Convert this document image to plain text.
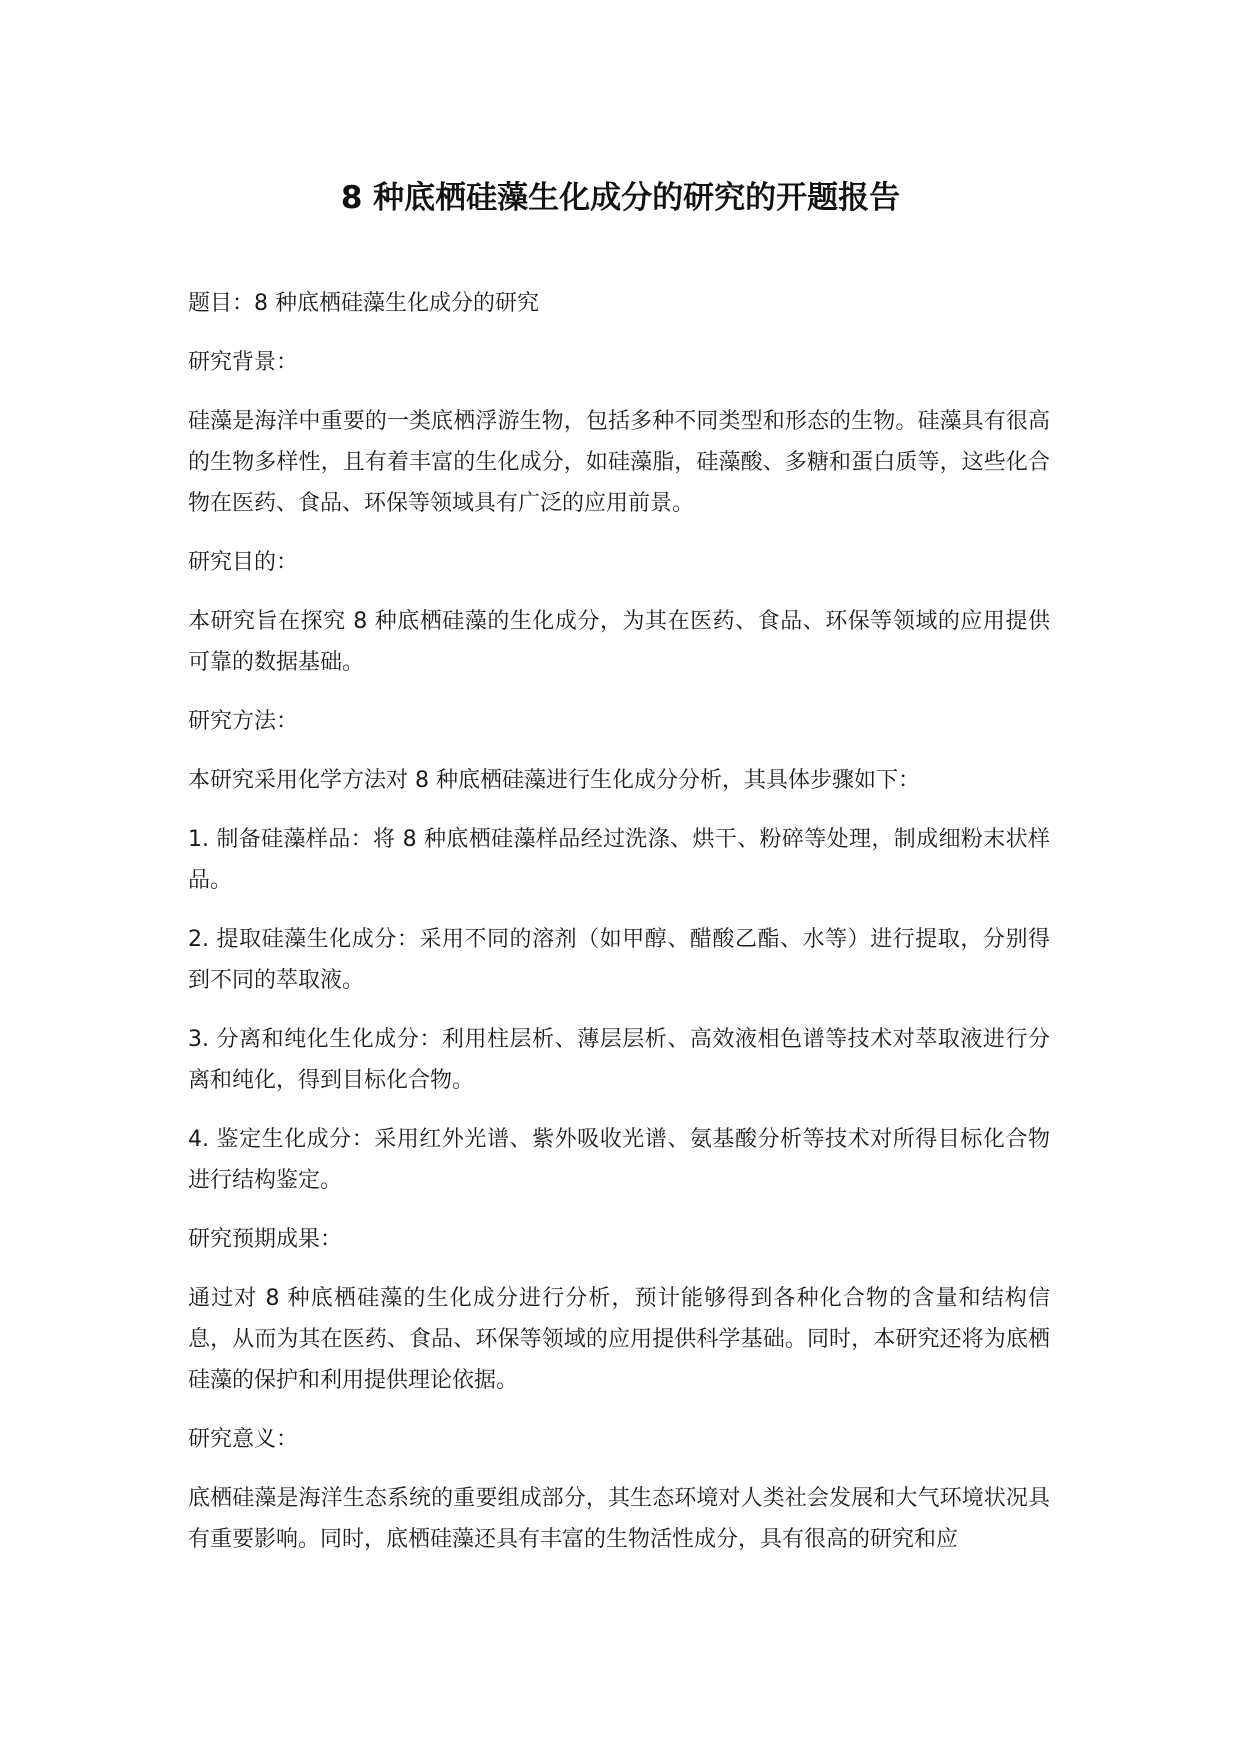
8 种底栖硅藻生化成分的研究的开题报告

题目：8 种底栖硅藻生化成分的研究

研究背景：

硅藻是海洋中重要的一类底栖浮游生物，包括多种不同类型和形态的生物。硅藻具有很高的生物多样性，且有着丰富的生化成分，如硅藻脂，硅藻酸、多糖和蛋白质等，这些化合物在医药、食品、环保等领域具有广泛的应用前景。

研究目的：

本研究旨在探究 8 种底栖硅藻的生化成分，为其在医药、食品、环保等领域的应用提供可靠的数据基础。

研究方法：

本研究采用化学方法对 8 种底栖硅藻进行生化成分分析，其具体步骤如下：

1. 制备硅藻样品：将 8 种底栖硅藻样品经过洗涤、烘干、粉碎等处理，制成细粉末状样品。

2. 提取硅藻生化成分：采用不同的溶剂（如甲醇、醋酸乙酯、水等）进行提取，分别得到不同的萃取液。

3. 分离和纯化生化成分：利用柱层析、薄层层析、高效液相色谱等技术对萃取液进行分离和纯化，得到目标化合物。

4. 鉴定生化成分：采用红外光谱、紫外吸收光谱、氨基酸分析等技术对所得目标化合物进行结构鉴定。

研究预期成果：

通过对 8 种底栖硅藻的生化成分进行分析，预计能够得到各种化合物的含量和结构信息，从而为其在医药、食品、环保等领域的应用提供科学基础。同时，本研究还将为底栖硅藻的保护和利用提供理论依据。

研究意义：

底栖硅藻是海洋生态系统的重要组成部分，其生态环境对人类社会发展和大气环境状况具有重要影响。同时，底栖硅藻还具有丰富的生物活性成分，具有很高的研究和应
